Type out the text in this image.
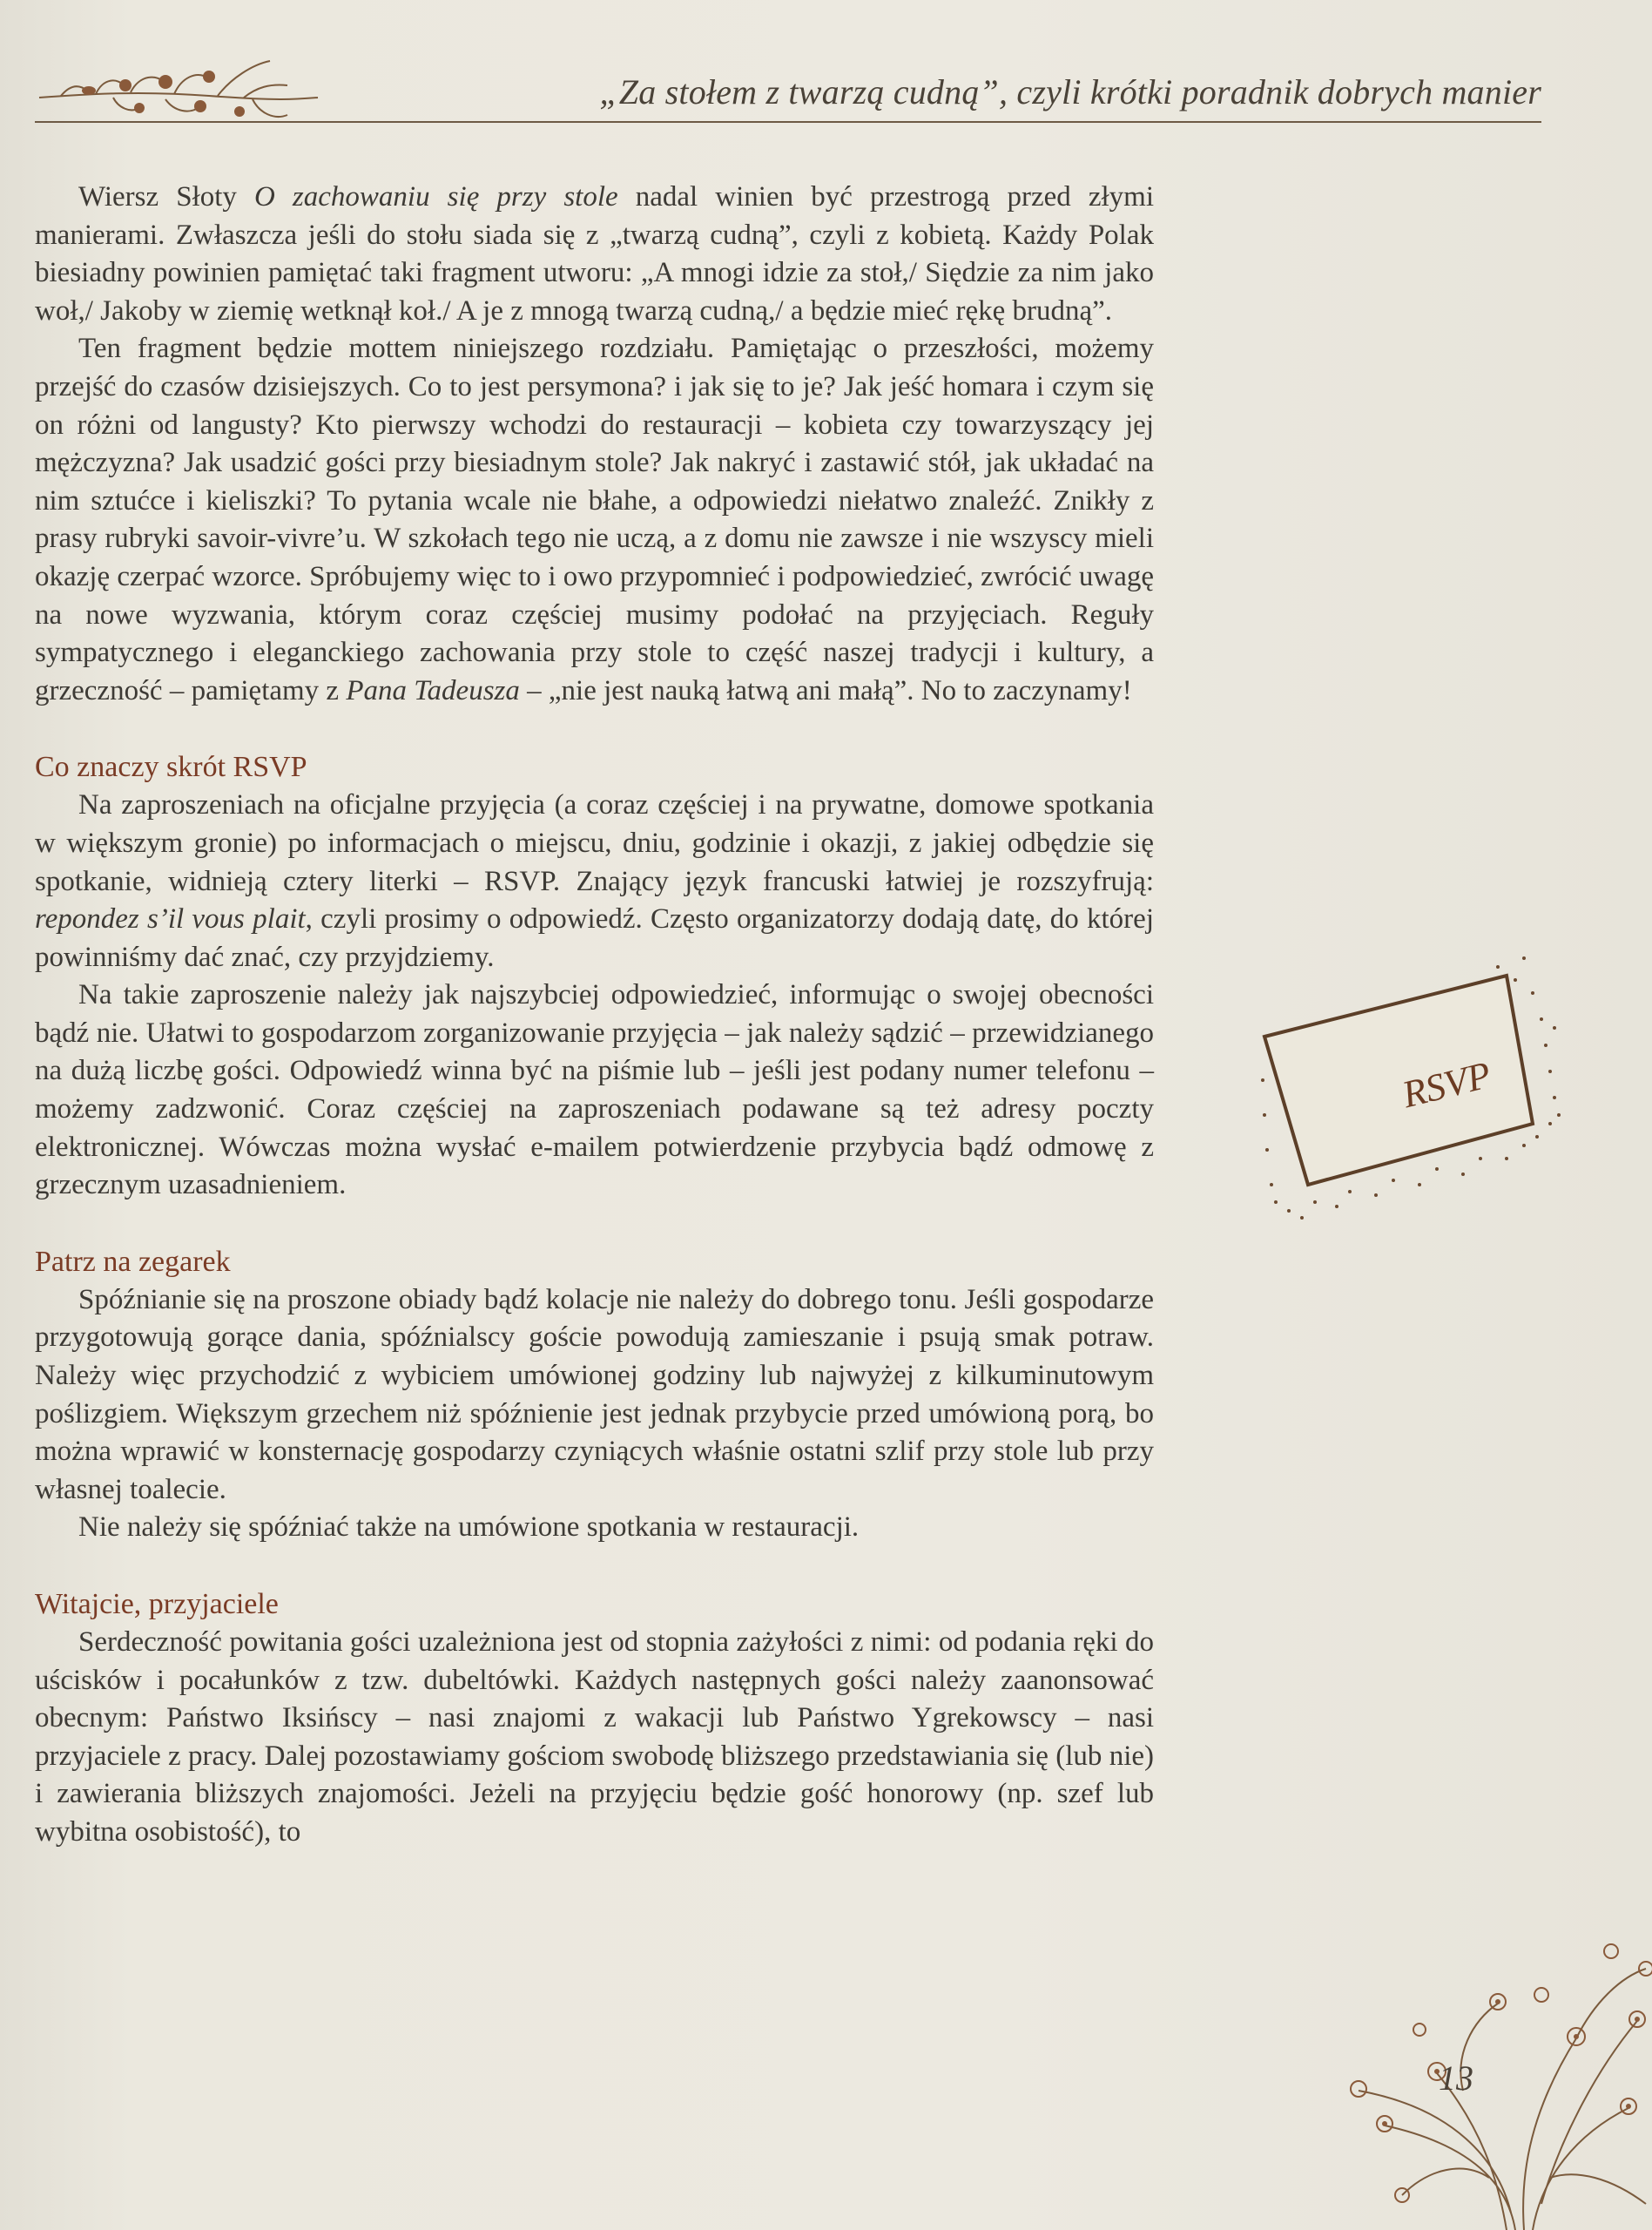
„Za stołem z twarzą cudną”, czyli krótki poradnik dobrych manier

Wiersz Słoty O zachowaniu się przy stole nadal winien być przestrogą przed złymi manierami. Zwłaszcza jeśli do stołu siada się z „twarzą cudną”, czyli z kobietą. Każdy Polak biesiadny powinien pamiętać taki fragment utworu: „A mnogi idzie za stoł,/ Siędzie za nim jako woł,/ Jakoby w ziemię wetknął koł./ A je z mnogą twarzą cudną,/ a będzie mieć rękę brudną”.

Ten fragment będzie mottem niniejszego rozdziału. Pamiętając o przeszłości, możemy przejść do czasów dzisiejszych. Co to jest persymona? i jak się to je? Jak jeść homara i czym się on różni od langusty? Kto pierwszy wchodzi do restauracji – kobieta czy towarzyszący jej mężczyzna? Jak usadzić gości przy biesiadnym stole? Jak nakryć i zastawić stół, jak układać na nim sztućce i kieliszki? To pytania wcale nie błahe, a odpowiedzi niełatwo znaleźć. Znikły z prasy rubryki savoir-vivre’u. W szkołach tego nie uczą, a z domu nie zawsze i nie wszyscy mieli okazję czerpać wzorce. Spróbujemy więc to i owo przypomnieć i podpowiedzieć, zwrócić uwagę na nowe wyzwania, którym coraz częściej musimy podołać na przyjęciach. Reguły sympatycznego i eleganckiego zachowania przy stole to część naszej tradycji i kultury, a grzeczność – pamiętamy z Pana Tadeusza – „nie jest nauką łatwą ani małą”. No to zaczynamy!

Co znaczy skrót RSVP

Na zaproszeniach na oficjalne przyjęcia (a coraz częściej i na prywatne, domowe spotkania w większym gronie) po informacjach o miejscu, dniu, godzinie i okazji, z jakiej odbędzie się spotkanie, widnieją cztery literki – RSVP. Znający język francuski łatwiej je rozszyfrują: repondez s’il vous plait, czyli prosimy o odpowiedź. Często organizatorzy dodają datę, do której powinniśmy dać znać, czy przyjdziemy.

Na takie zaproszenie należy jak najszybciej odpowiedzieć, informując o swojej obecności bądź nie. Ułatwi to gospodarzom zorganizowanie przyjęcia – jak należy sądzić – przewidzianego na dużą liczbę gości. Odpowiedź winna być na piśmie lub – jeśli jest podany numer telefonu – możemy zadzwonić. Coraz częściej na zaproszeniach podawane są też adresy poczty elektronicznej. Wówczas można wysłać e-mailem potwierdzenie przybycia bądź odmowę z grzecznym uzasadnieniem.

Patrz na zegarek

Spóźnianie się na proszone obiady bądź kolacje nie należy do dobrego tonu. Jeśli gospodarze przygotowują gorące dania, spóźnialscy goście powodują zamieszanie i psują smak potraw. Należy więc przychodzić z wybiciem umówionej godziny lub najwyżej z kilkuminutowym poślizgiem. Większym grzechem niż spóźnienie jest jednak przybycie przed umówioną porą, bo można wprawić w konsternację gospodarzy czyniących właśnie ostatni szlif przy stole lub przy własnej toalecie.

Nie należy się spóźniać także na umówione spotkania w restauracji.

Witajcie, przyjaciele

Serdeczność powitania gości uzależniona jest od stopnia zażyłości z nimi: od podania ręki do uścisków i pocałunków z tzw. dubeltówki. Każdych następnych gości należy zaanonsować obecnym: Państwo Iksińscy – nasi znajomi z wakacji lub Państwo Ygrekowscy – nasi przyjaciele z pracy. Dalej pozostawiamy gościom swobodę bliższego przedstawiania się (lub nie) i zawierania bliższych znajomości. Jeżeli na przyjęciu będzie gość honorowy (np. szef lub wybitna osobistość), to

RSVP
13
